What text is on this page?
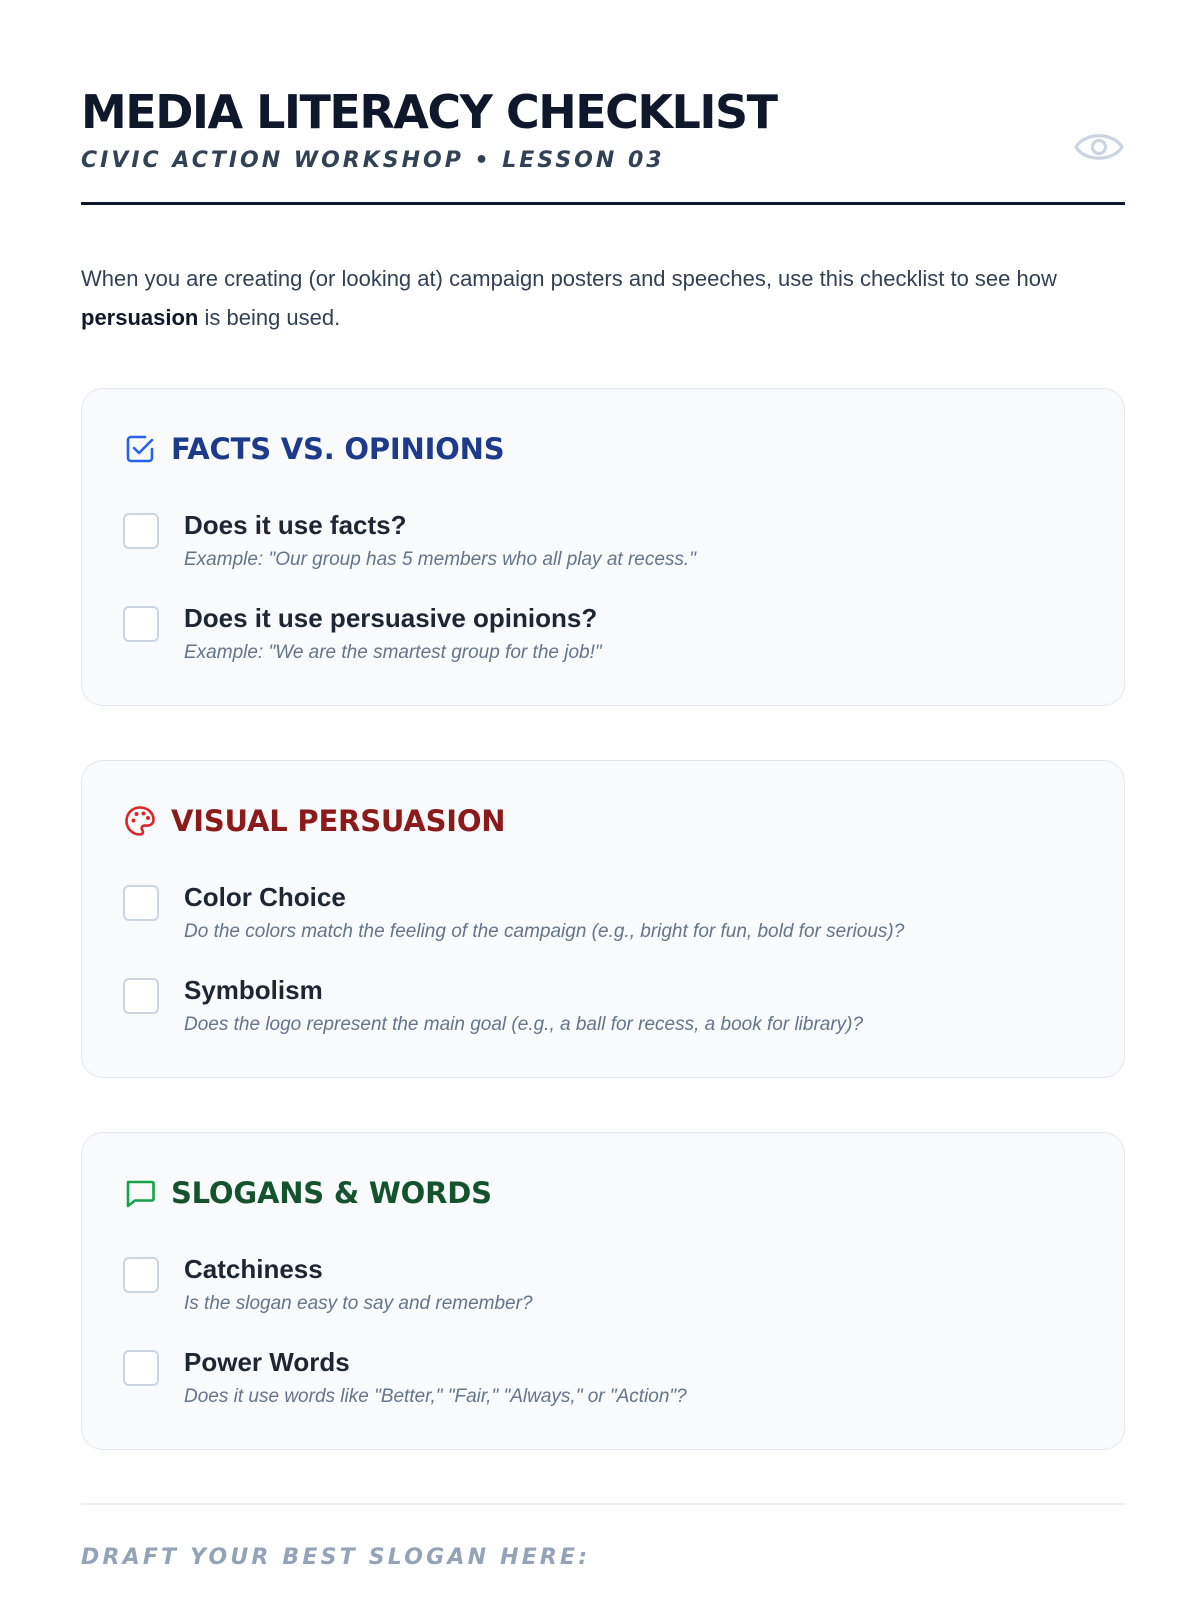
MEDIA LITERACY CHECKLIST
CIVIC ACTION WORKSHOP • LESSON 03

When you are creating (or looking at) campaign posters and speeches, use this checklist to see how persuasion is being used.

FACTS VS. OPINIONS
Does it use facts?
Example: "Our group has 5 members who all play at recess."
Does it use persuasive opinions?
Example: "We are the smartest group for the job!"
VISUAL PERSUASION
Color Choice
Do the colors match the feeling of the campaign (e.g., bright for fun, bold for serious)?
Symbolism
Does the logo represent the main goal (e.g., a ball for recess, a book for library)?
SLOGANS & WORDS
Catchiness
Is the slogan easy to say and remember?
Power Words
Does it use words like "Better," "Fair," "Always," or "Action"?
DRAFT YOUR BEST SLOGAN HERE:
